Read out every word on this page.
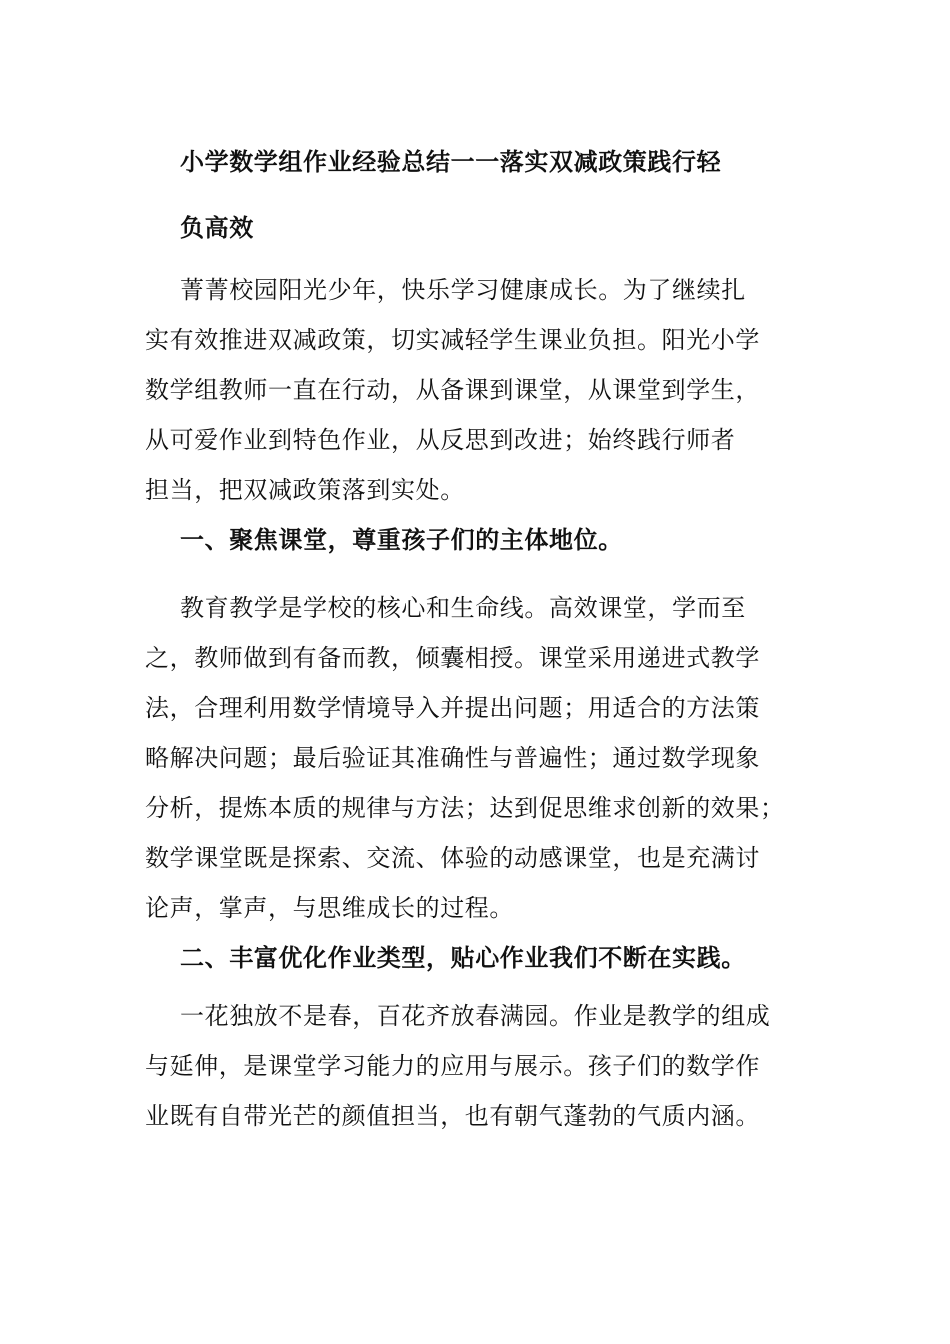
小学数学组作业经验总结一一落实双减政策践行轻
负高效
菁菁校园阳光少年，快乐学习健康成长。为了继续扎
实有效推进双减政策，切实减轻学生课业负担。阳光小学
数学组教师一直在行动，从备课到课堂，从课堂到学生，
从可爱作业到特色作业，从反思到改进；始终践行师者
担当，把双减政策落到实处。
一、聚焦课堂，尊重孩子们的主体地位。
教育教学是学校的核心和生命线。高效课堂，学而至
之，教师做到有备而教，倾囊相授。课堂采用递进式教学
法，合理利用数学情境导入并提出问题；用适合的方法策
略解决问题；最后验证其准确性与普遍性；通过数学现象
分析，提炼本质的规律与方法；达到促思维求创新的效果；
数学课堂既是探索、交流、体验的动感课堂，也是充满讨
论声，掌声，与思维成长的过程。
二、丰富优化作业类型，贴心作业我们不断在实践。
一花独放不是春，百花齐放春满园。作业是教学的组成
与延伸，是课堂学习能力的应用与展示。孩子们的数学作
业既有自带光芒的颜值担当，也有朝气蓬勃的气质内涵。
